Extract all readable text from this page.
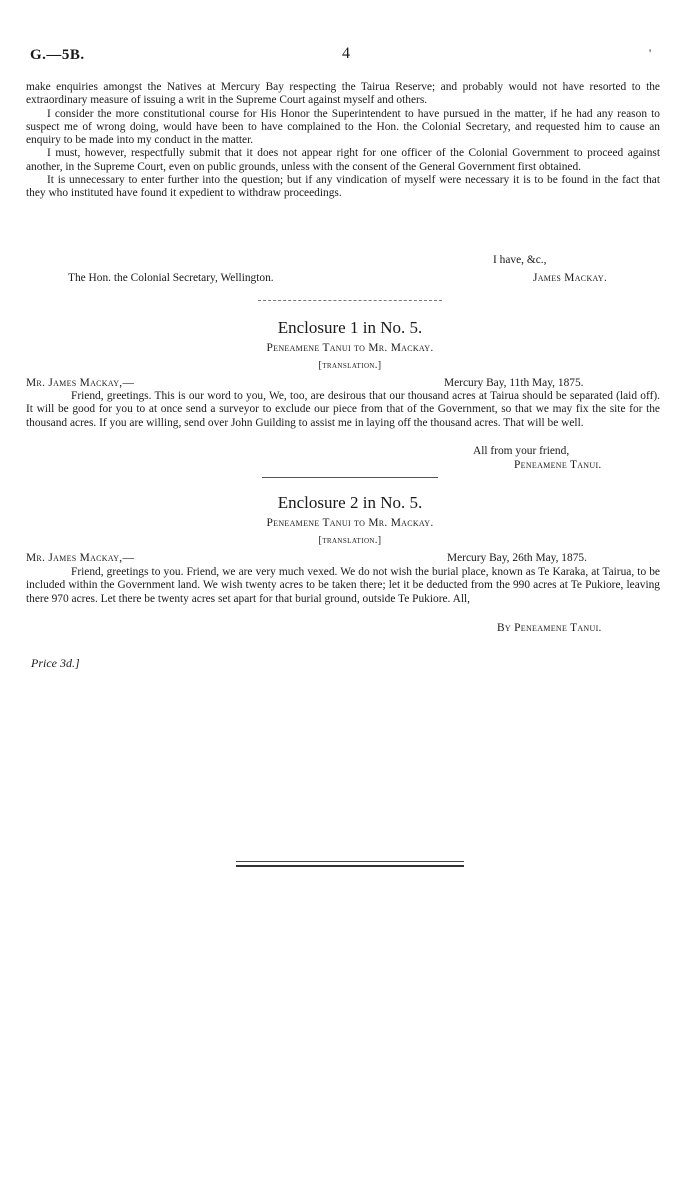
G.—5B.	4	'

make enquiries amongst the Natives at Mercury Bay respecting the Tairua Reserve; and probably would not have resorted to the extraordinary measure of issuing a writ in the Supreme Court against myself and others.

I consider the more constitutional course for His Honor the Superintendent to have pursued in the matter, if he had any reason to suspect me of wrong doing, would have been to have complained to the Hon. the Colonial Secretary, and requested him to cause an enquiry to be made into my conduct in the matter.

I must, however, respectfully submit that it does not appear right for one officer of the Colonial Government to proceed against another, in the Supreme Court, even on public grounds, unless with the consent of the General Government first obtained.

It is unnecessary to enter further into the question; but if any vindication of myself were necessary it is to be found in the fact that they who instituted have found it expedient to withdraw proceedings.

I have, &c.,
The Hon. the Colonial Secretary, Wellington.	James Mackay.
Enclosure 1 in No. 5.
Peneamene Tanui to Mr. Mackay.
[translation.]
Mr. James Mackay,—	Mercury Bay, 11th May, 1875.

Friend, greetings. This is our word to you, We, too, are desirous that our thousand acres at Tairua should be separated (laid off). It will be good for you to at once send a surveyor to exclude our piece from that of the Government, so that we may fix the site for the thousand acres. If you are willing, send over John Guilding to assist me in laying off the thousand acres. That will be well.

All from your friend,
Peneamene Tanui.
Enclosure 2 in No. 5.
Peneamene Tanui to Mr. Mackay.
[translation.]
Mr. James Mackay,—	Mercury Bay, 26th May, 1875.

Friend, greetings to you. Friend, we are very much vexed. We do not wish the burial place, known as Te Karaka, at Tairua, to be included within the Government land. We wish twenty acres to be taken there; let it be deducted from the 990 acres at Te Pukiore, leaving there 970 acres. Let there be twenty acres set apart for that burial ground, outside Te Pukiore. All,

By Peneamene Tanui.
Price 3d.]
